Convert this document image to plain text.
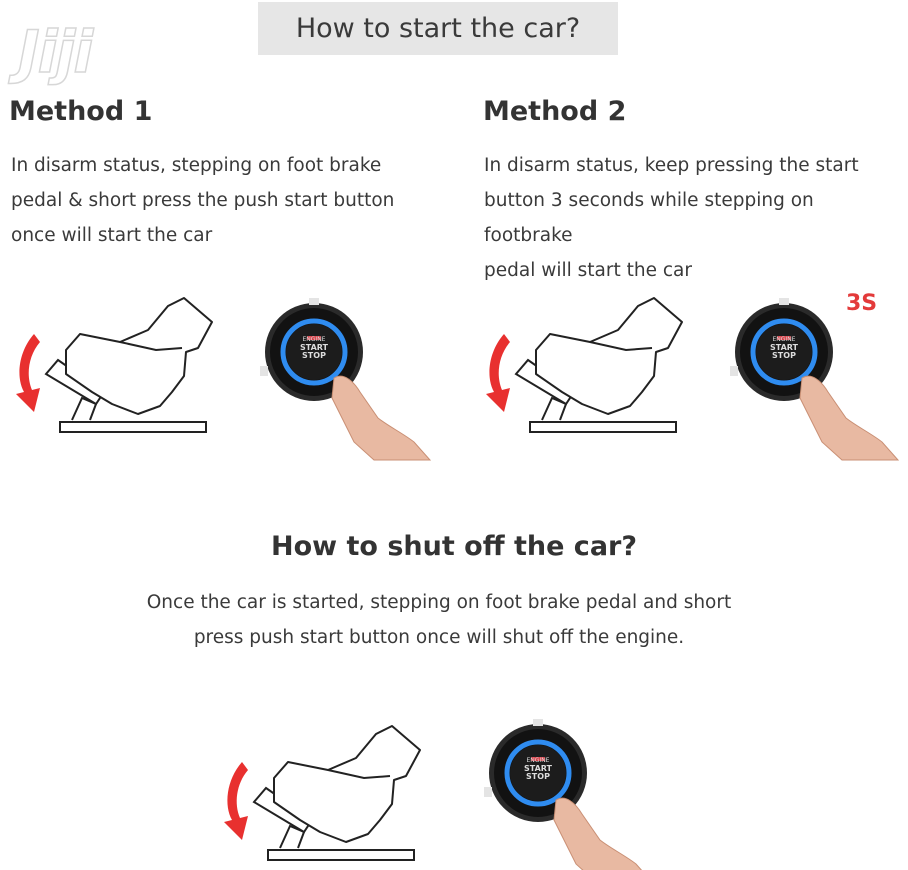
Jiji	How to start the car?
Method 1
In disarm status, stepping on foot brake
pedal & short press the push start button
once will start the car
Method 2
In disarm status, keep pressing the start
button 3 seconds while stepping on footbrake
pedal will start the car
3S
How to shut off the car?
Once the car is started, stepping on foot brake pedal and short
press push start button once will shut off the engine.
ENGINE
START
STOP
ENGINE
START
STOP
ENGINE
START
STOP
